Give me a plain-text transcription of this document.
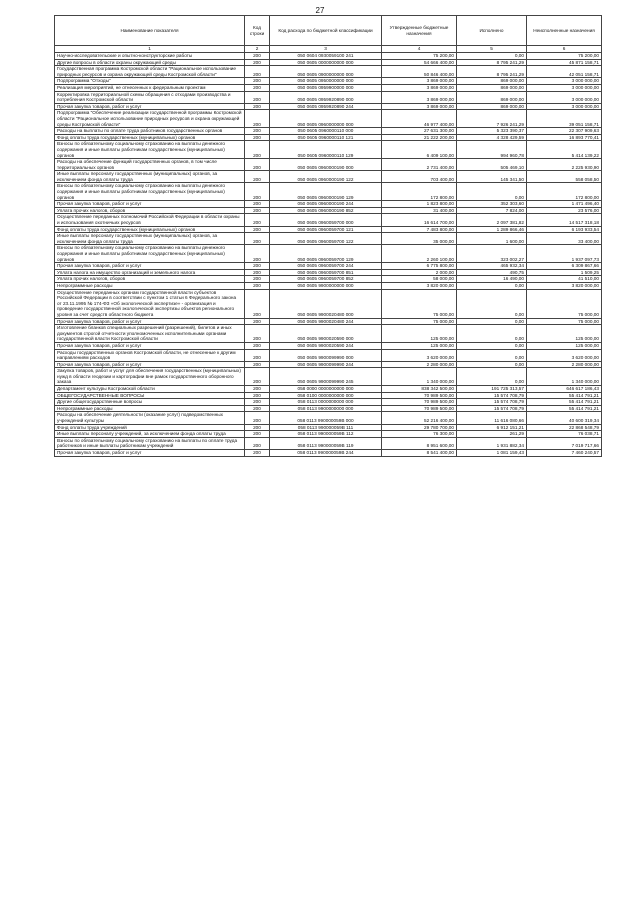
27
Наименование показателя	Код строки	Код расхода по бюджетной классификации	Утвержденные бюджетные назначения	Исполнено	Неисполненные назначения
1	2	3	4	5	6
Научно-исследовательские и опытно-конструкторские работы	200	050 0604 0930059100 241	75 200,00	0,00	75 200,00
Другие вопросы в области охраны окружающей среды	200	050 0605 0000000000 000	54 666 400,00	8 795 241,29	45 871 158,71
Государственная программа Костромской области "Рациональное использование природных ресурсов и охрана окружающей среды Костромской области"	200	050 0605 0900000000 000	50 846 400,00	8 795 241,29	42 051 158,71
Подпрограмма "Отходы"	200	050 0605 0950000000 000	3 869 000,00	869 000,00	3 000 000,00
Реализация мероприятий, не отнесенных к федеральным проектам	200	050 0605 0959900000 000	3 869 000,00	869 000,00	3 000 000,00
Корректировка территориальной схемы обращения с отходами производства и потребления Костромской области	200	050 0605 0959920890 000	3 869 000,00	869 000,00	3 000 000,00
Прочая закупка товаров, работ и услуг	200	050 0605 0959920890 244	3 869 000,00	869 000,00	3 000 000,00
Подпрограмма "Обеспечение реализации государственной программы Костромской области "Рациональное использование природных ресурсов и охрана окружающей среды Костромской области"	200	050 0605 0960000000 000	46 977 400,00	7 926 241,29	39 051 158,71
Расходы на выплаты по оплате труда работников государственных органов	200	050 0605 0960000110 000	27 631 300,00	5 323 390,37	22 307 909,63
Фонд оплаты труда государственных (муниципальных) органов	200	050 0605 0960000110 121	21 222 200,00	4 328 429,59	16 893 770,41
Взносы по обязательному социальному страхованию на выплаты денежного содержания и иные выплаты работникам государственных (муниципальных) органов	200	050 0605 0960000110 129	6 409 100,00	994 960,78	5 414 139,22
Расходы на обеспечение функций государственных органов, в том числе территориальных органов	200	050 0605 0960000190 000	2 731 400,00	505 469,10	2 225 930,90
Иные выплаты персоналу государственных (муниципальных) органов, за исключением фонда оплаты труда	200	050 0605 0960000190 122	703 400,00	145 341,50	558 058,50
Взносы по обязательному социальному страхованию на выплаты денежного содержания и иные выплаты работникам государственных (муниципальных) органов	200	050 0605 0960000190 129	172 800,00	0,00	172 800,00
Прочая закупка товаров, работ и услуг	200	050 0605 0960000190 244	1 823 800,00	352 303,60	1 471 496,40
Уплата прочих налогов, сборов	200	050 0605 0960000190 852	31 400,00	7 824,00	23 576,00
Осуществление переданных полномочий Российской Федерации в области охраны и использования охотничьих ресурсов	200	050 0605 0960059700 000	16 614 700,00	2 097 381,82	14 517 318,18
Фонд оплаты труда государственных (муниципальных) органов	200	050 0605 0960059700 121	7 483 800,00	1 289 866,46	6 193 933,54
Иные выплаты персоналу государственных (муниципальных) органов, за исключением фонда оплаты труда	200	050 0605 0960059700 122	35 000,00	1 600,00	33 400,00
Взносы по обязательному социальному страхованию на выплаты денежного содержания и иные выплаты работникам государственных (муниципальных) органов	200	050 0605 0960059700 129	2 260 100,00	323 002,27	1 937 097,73
Прочая закупка товаров, работ и услуг	200	050 0605 0960059700 244	6 775 800,00	465 932,34	6 309 867,66
Уплата налога на имущество организаций и земельного налога	200	050 0605 0960059700 851	2 000,00	490,75	1 509,25
Уплата прочих налогов, сборов	200	050 0605 0960059700 852	58 000,00	16 490,00	41 510,00
Непрограммные расходы	200	050 0605 9900000000 000	3 820 000,00	0,00	3 820 000,00
Осуществление переданных органам государственной власти субъектов Российской Федерации в соответствии с пунктом 1 статьи 6 Федерального закона от 23.11.1995 № 174-ФЗ «Об экологической экспертизе» - организация и проведение государственной экологической экспертизы объектов регионального уровня за счет средств областного бюджета	200	050 0605 9900020480 000	75 000,00	0,00	75 000,00
Прочая закупка товаров, работ и услуг	200	050 0605 9900020480 244	75 000,00	0,00	75 000,00
Изготовление бланков специальных разрешений (разрешений), билетов и иных документов строгой отчетности уполномоченных исполнительными органами государственной власти Костромской области	200	050 0605 9900020590 000	125 000,00	0,00	125 000,00
Прочая закупка товаров, работ и услуг	200	050 0605 9900020590 244	125 000,00	0,00	125 000,00
Расходы государственных органов Костромской области, не отнесенные к другим направлениям расходов	200	050 0605 9900099990 000	3 620 000,00	0,00	3 620 000,00
Прочая закупка товаров, работ и услуг	200	050 0605 9900099990 244	2 280 000,00	0,00	2 280 000,00
Закупка товаров, работ и услуг для обеспечения государственных (муниципальных) нужд в области геодезии и картографии вне рамок государственного оборонного заказа	200	050 0605 9900099990 245	1 340 000,00	0,00	1 340 000,00
Департамент культуры Костромской области	200	058 0000 0000000000 000	838 342 500,00	191 725 313,57	646 617 186,43
ОБЩЕГОСУДАРСТВЕННЫЕ ВОПРОСЫ	200	058 0100 0000000000 000	70 989 500,00	15 574 708,79	55 414 791,21
Другие общегосударственные вопросы	200	058 0113 0000000000 000	70 989 500,00	15 574 708,79	55 414 791,21
Непрограммные расходы	200	058 0113 9900000000 000	70 989 500,00	15 574 708,79	55 414 791,21
Расходы на обеспечение деятельности (оказание услуг) подведомственных учреждений культуры	200	058 0113 990000059В 000	52 216 400,00	11 616 080,66	40 600 319,34
Фонд оплаты труда учреждений	200	058 0113 990000059В 111	29 780 700,00	6 912 151,21	22 868 548,79
Иные выплаты персоналу учреждений, за исключением фонда оплаты труда	200	058 0113 990000059В 112	76 300,00	261,29	76 038,71
Взносы по обязательному социальному страхованию на выплаты по оплате труда работников и иные выплаты работникам учреждений	200	058 0113 990000059В 119	8 951 600,00	1 931 882,34	7 019 717,66
Прочая закупка товаров, работ и услуг	200	058 0113 990000059В 244	8 541 400,00	1 081 159,43	7 460 240,57
